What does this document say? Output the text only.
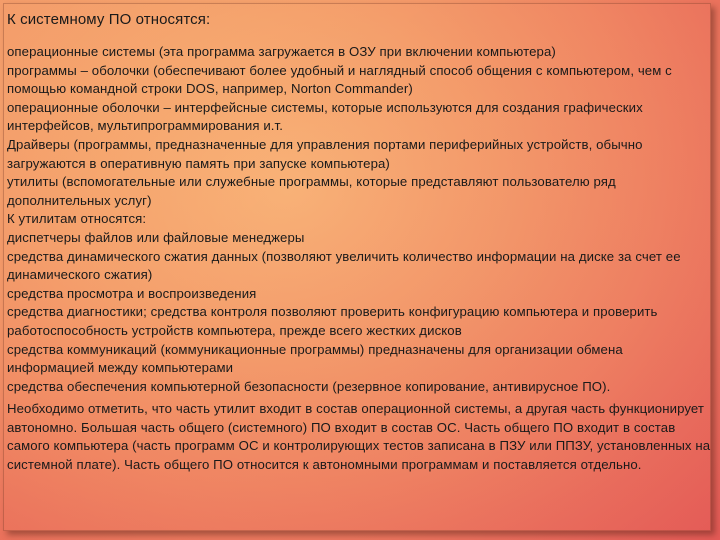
К системному ПО относятся:

операционные системы (эта программа загружается в ОЗУ при включении компьютера)

программы – оболочки (обеспечивают более удобный и наглядный способ общения с компьютером, чем с помощью командной строки DOS, например, Norton Commander)

операционные оболочки – интерфейсные системы, которые используются для создания графических интерфейсов, мультипрограммирования и.т.

Драйверы (программы, предназначенные для управления портами периферийных устройств, обычно загружаются в оперативную память при запуске компьютера)

утилиты (вспомогательные или служебные программы, которые представляют пользователю ряд дополнительных услуг)

К утилитам относятся:

диспетчеры файлов или файловые менеджеры

средства динамического сжатия данных (позволяют увеличить количество информации на диске за счет ее динамического сжатия)

средства просмотра и воспроизведения

средства диагностики; средства контроля позволяют проверить конфигурацию компьютера и проверить работоспособность устройств компьютера, прежде всего жестких дисков

средства коммуникаций (коммуникационные программы) предназначены для организации обмена информацией между компьютерами

средства обеспечения компьютерной безопасности (резервное копирование, антивирусное ПО).

Необходимо отметить, что часть утилит входит в состав операционной системы, а другая часть функционирует автономно. Большая часть общего (системного) ПО входит в состав ОС. Часть общего ПО входит в состав самого компьютера (часть программ ОС и контролирующих тестов записана в ПЗУ или ППЗУ, установленных на системной плате). Часть общего ПО относится к автономными программам и поставляется отдельно.
